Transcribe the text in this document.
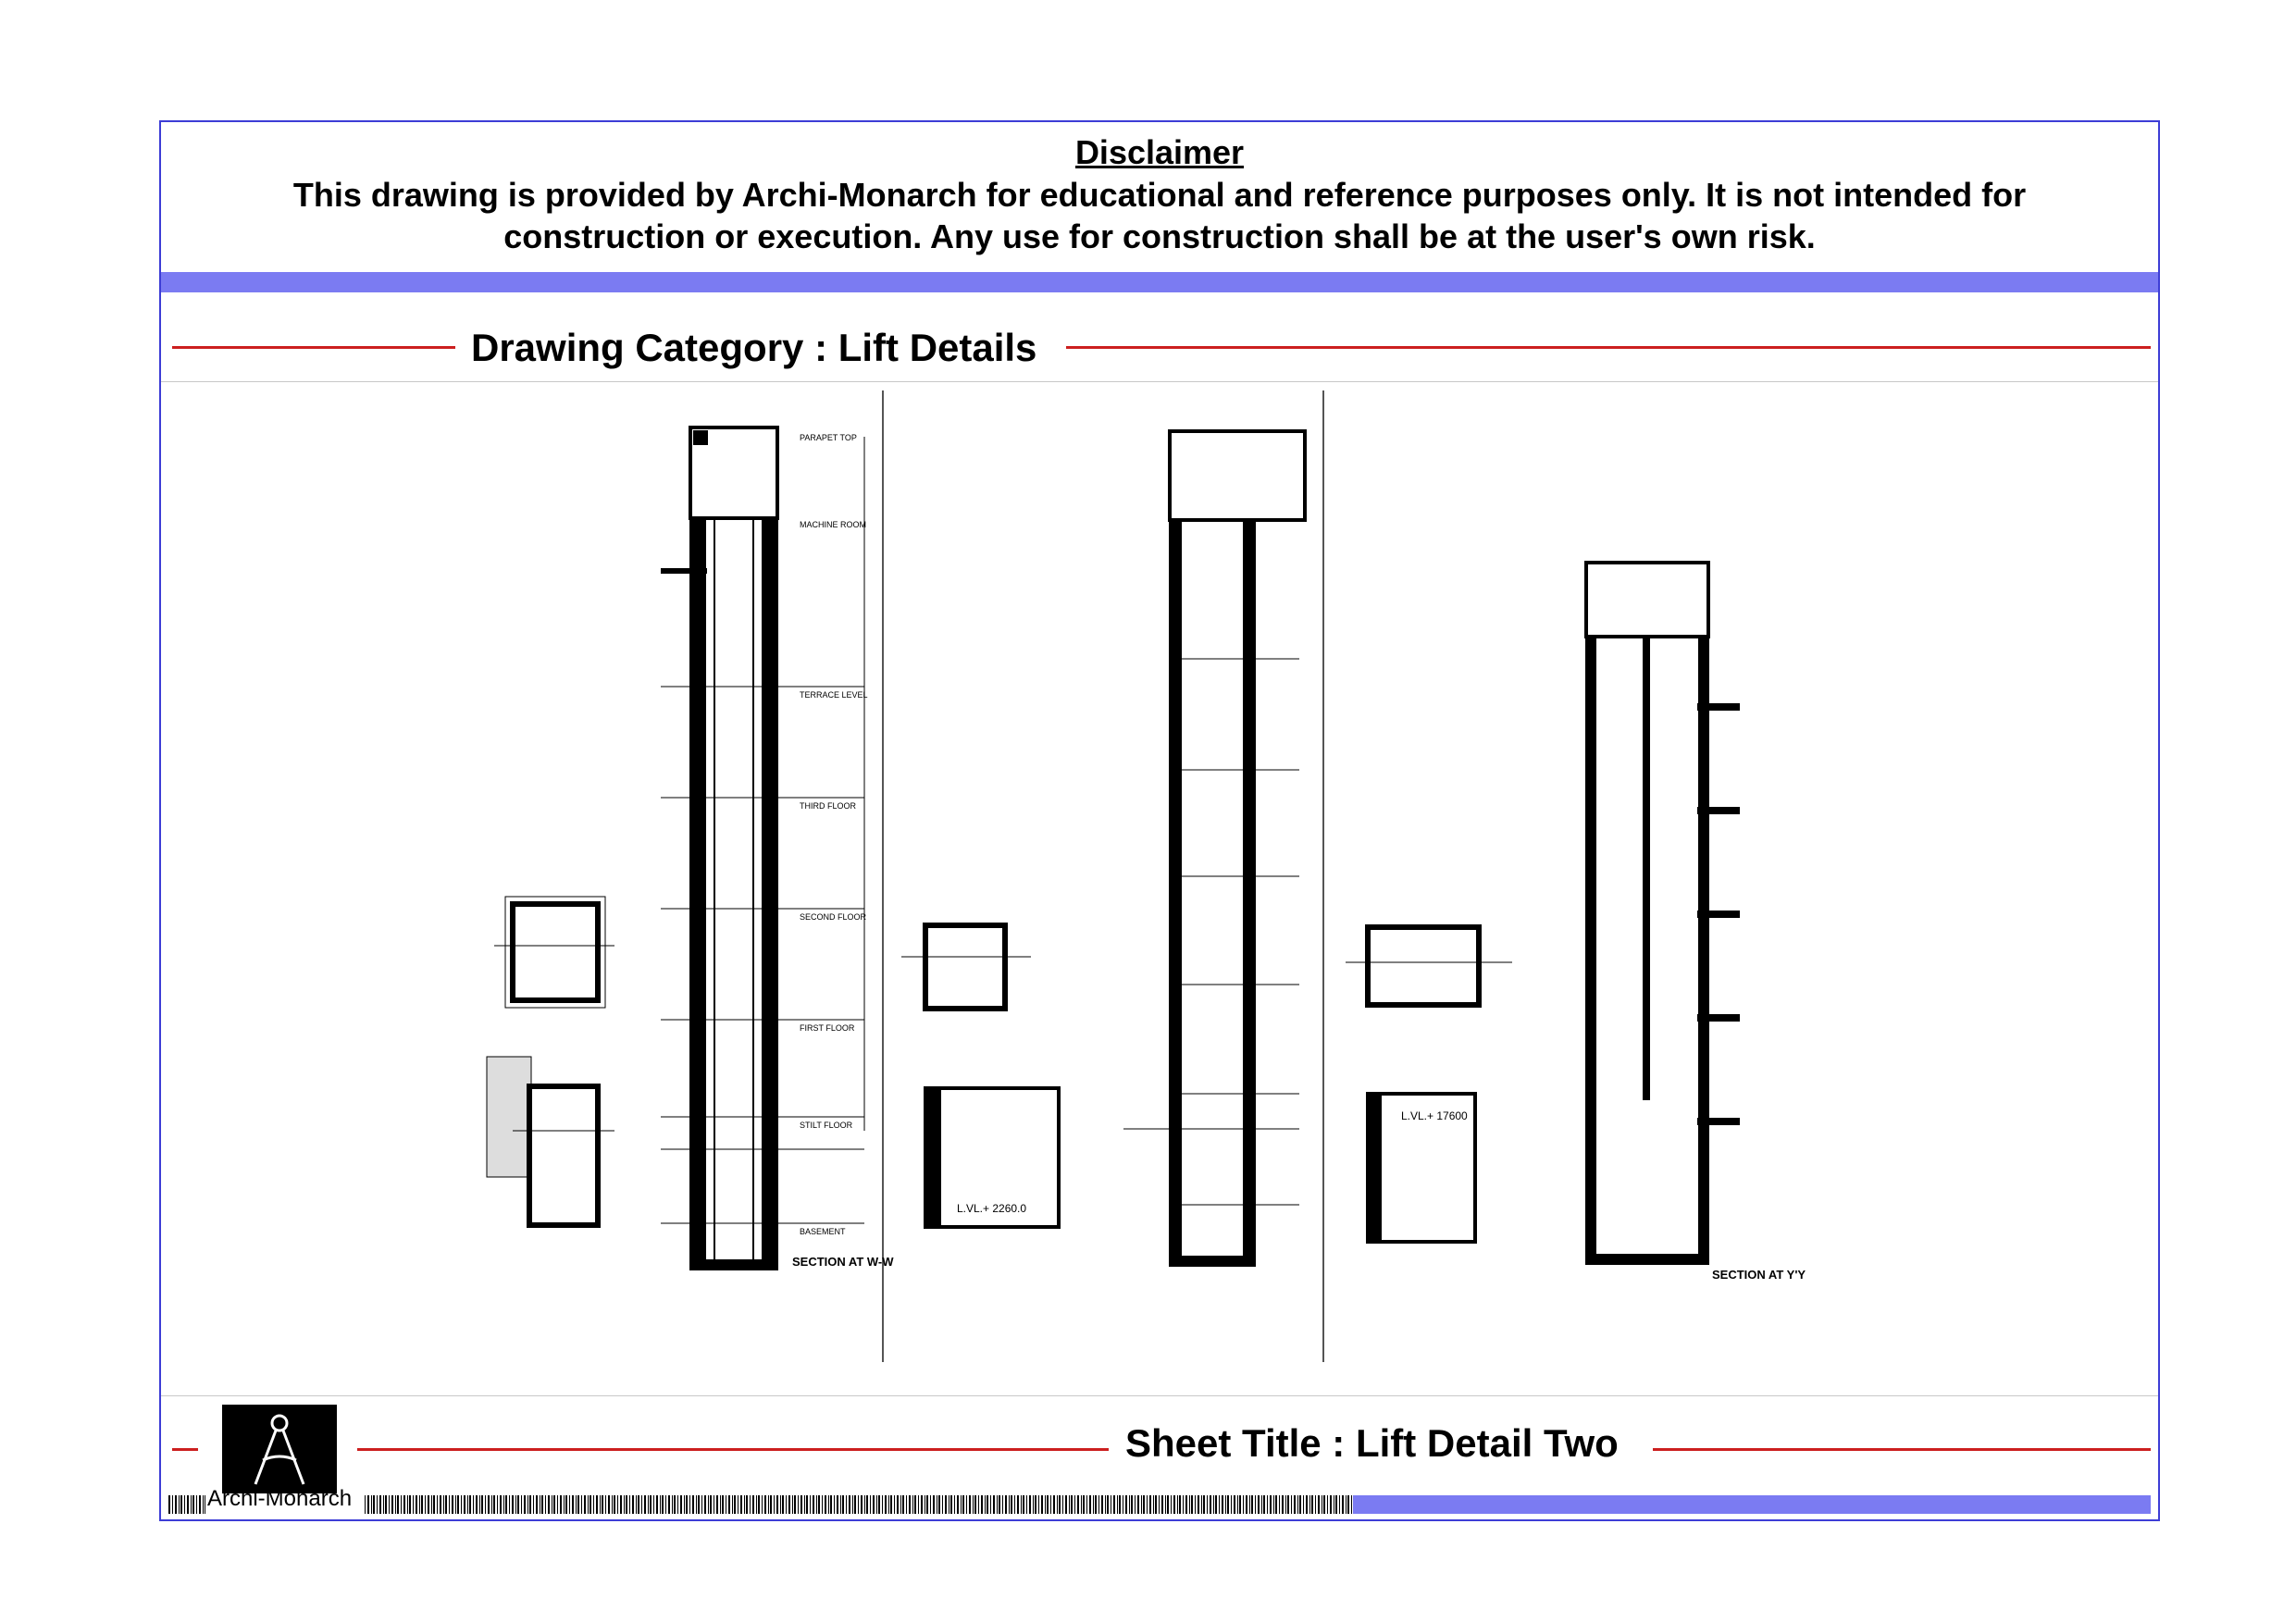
Disclaimer
This drawing is provided by Archi-Monarch for educational and reference purposes only. It is not intended for construction or execution. Any use for construction shall be at the user's own risk.
Drawing Category : Lift Details
PARAPET TOP
MACHINE ROOM
TERRACE LEVEL
THIRD FLOOR
SECOND FLOOR
FIRST FLOOR
STILT FLOOR
BASEMENT
SECTION AT W-W
L.VL.+ 2260.0
SECTION AT Y'Y
L.VL.+ 17600
Archi-Monarch
Sheet Title : Lift Detail Two
